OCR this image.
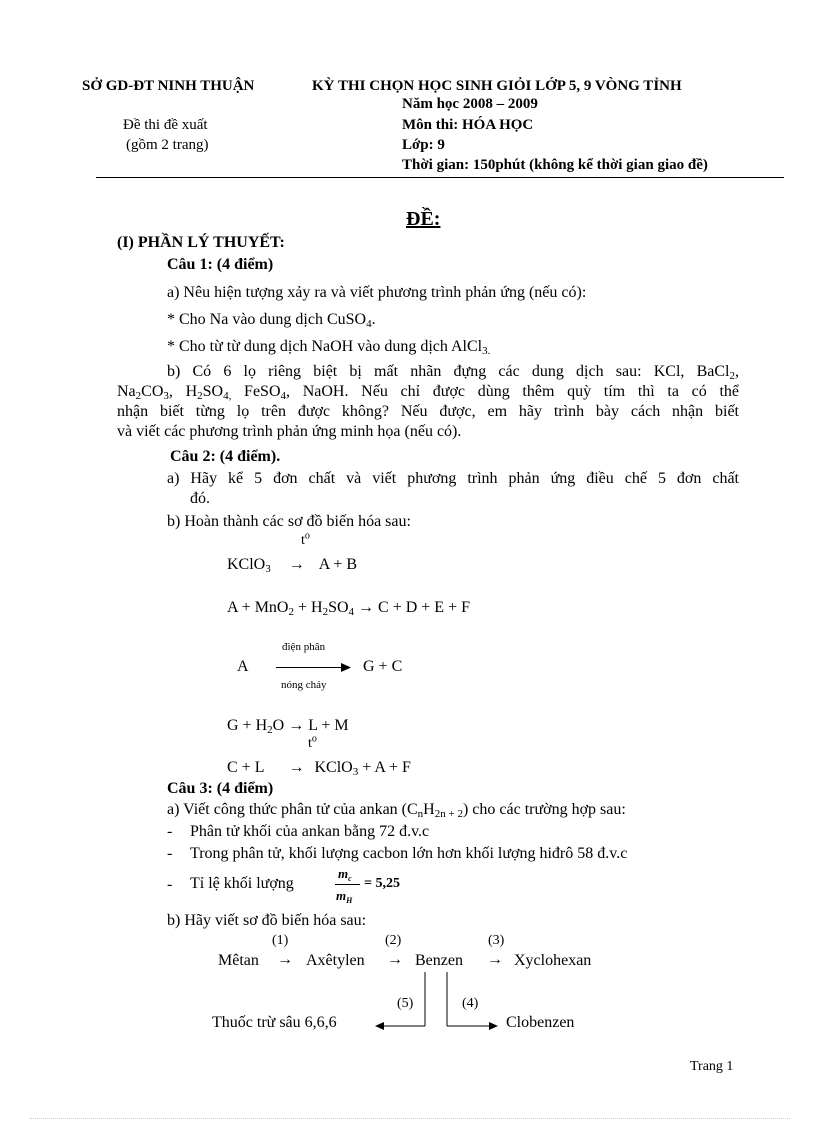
SỞ GD-ĐT NINH THUẬN	KỲ THI CHỌN HỌC SINH GIỎI LỚP 5, 9 VÒNG TỈNH
Năm học 2008 – 2009
Đề thi đề xuất
(gồm 2 trang)
Môn thi: HÓA HỌC
Lớp: 9
Thời gian: 150phút (không kể thời gian giao đề)
ĐỀ:
(I) PHẦN LÝ THUYẾT:
Câu 1: (4 điểm)
a) Nêu hiện tượng xảy ra và viết phương trình phản ứng (nếu có):
* Cho Na vào dung dịch CuSO$_4$.
* Cho từ từ dung dịch NaOH vào dung dịch AlCl$_{3.}$
b) Có 6 lọ riêng biệt bị mất nhãn đựng các dung dịch sau: KCl, BaCl$_2$,
$Na_2CO_3$, $H_2SO_{4,}$ FeSO$_4$, NaOH. Nếu chỉ được dùng thêm quỳ tím thì ta có thể
nhận biết từng lọ trên được không? Nếu được, em hãy trình bày cách nhận biết
và viết các phương trình phản ứng minh họa (nếu có).
Câu 2: (4 điểm).
a) Hãy kể 5 đơn chất và viết phương trình phản ứng điều chế 5 đơn chất
đó.
b) Hoàn thành các sơ đồ biến hóa sau:
$t^o$
KClO$_3$ → A + B
$A + MnO_2 + H_2SO_4 \to C + D + E + F$
A
điện phân
nóng chảy
G + C
$G + H_2O \to L + M$
$t^o$
C + L → KClO$_3$ + A + F
Câu 3: (4 điểm)
a) Viết công thức phân tử của ankan $(C_nH_{2n + 2})$ cho các trường hợp sau:
- Phân tử khối của ankan bằng 72 đ.v.c
- Trong phân tử, khối lượng cacbon lớn hơn khối lượng hiđrô 58 đ.v.c
- Tỉ lệ khối lượng
$m_c$
$m_H$
= 5,25
b) Hãy viết sơ đồ biến hóa sau:
(1)	(2)	(3)
Mêtan → Axêtylen → Benzen → Xyclohexan
(5)	(4)
Thuốc trừ sâu 6,6,6	Clobenzen
Trang 1
